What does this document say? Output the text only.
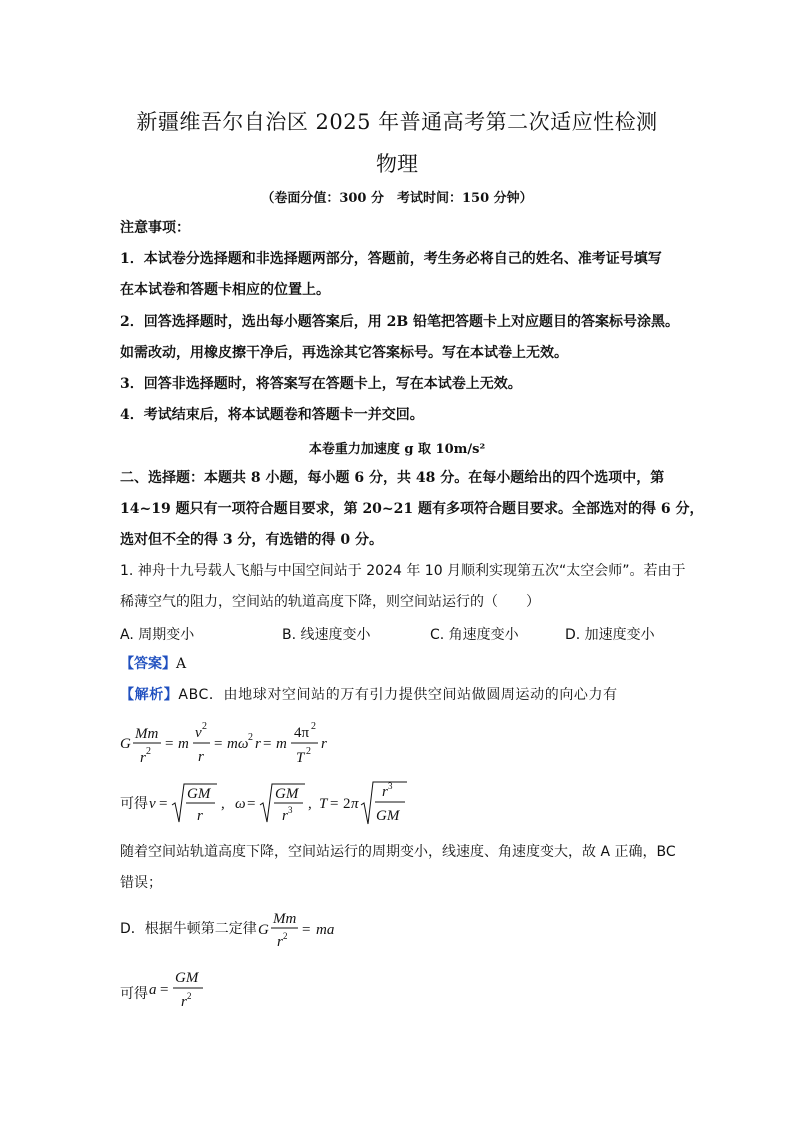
新疆维吾尔自治区 2025 年普通高考第二次适应性检测
物理
（卷面分值：300 分　考试时间：150 分钟）
注意事项：
1．本试卷分选择题和非选择题两部分，答题前，考生务必将自己的姓名、准考证号填写
在本试卷和答题卡相应的位置上。
2．回答选择题时，选出每小题答案后，用 2B 铅笔把答题卡上对应题目的答案标号涂黑。
如需改动，用橡皮擦干净后，再选涂其它答案标号。写在本试卷上无效。
3．回答非选择题时，将答案写在答题卡上，写在本试卷上无效。
4．考试结束后，将本试题卷和答题卡一并交回。
本卷重力加速度 g 取 10m/s²
二、选择题：本题共 8 小题，每小题 6 分，共 48 分。在每小题给出的四个选项中，第
14~19 题只有一项符合题目要求，第 20~21 题有多项符合题目要求。全部选对的得 6 分，
选对但不全的得 3 分，有选错的得 0 分。
1. 神舟十九号载人飞船与中国空间站于 2024 年 10 月顺利实现第五次“太空会师”。若由于
稀薄空气的阻力，空间站的轨道高度下降，则空间站运行的（　　）
A. 周期变小	B. 线速度变小	C. 角速度变小	D. 加速度变小
【答案】A
【解析】ABC．由地球对空间站的万有引力提供空间站做圆周运动的向心力有
G
Mm
r 2 = m
v 2
r
= mω 2 r = m
4π 2
T 2 r
可得 v =
GM
r
, ω =
GM
r 3 , T = 2 π
r 3
GM
随着空间站轨道高度下降，空间站运行的周期变小，线速度、角速度变大，故 A 正确，BC
错误；
D．根据牛顿第二定律 G
Mm
r 2 = ma
可得 a =
GM
r 2
